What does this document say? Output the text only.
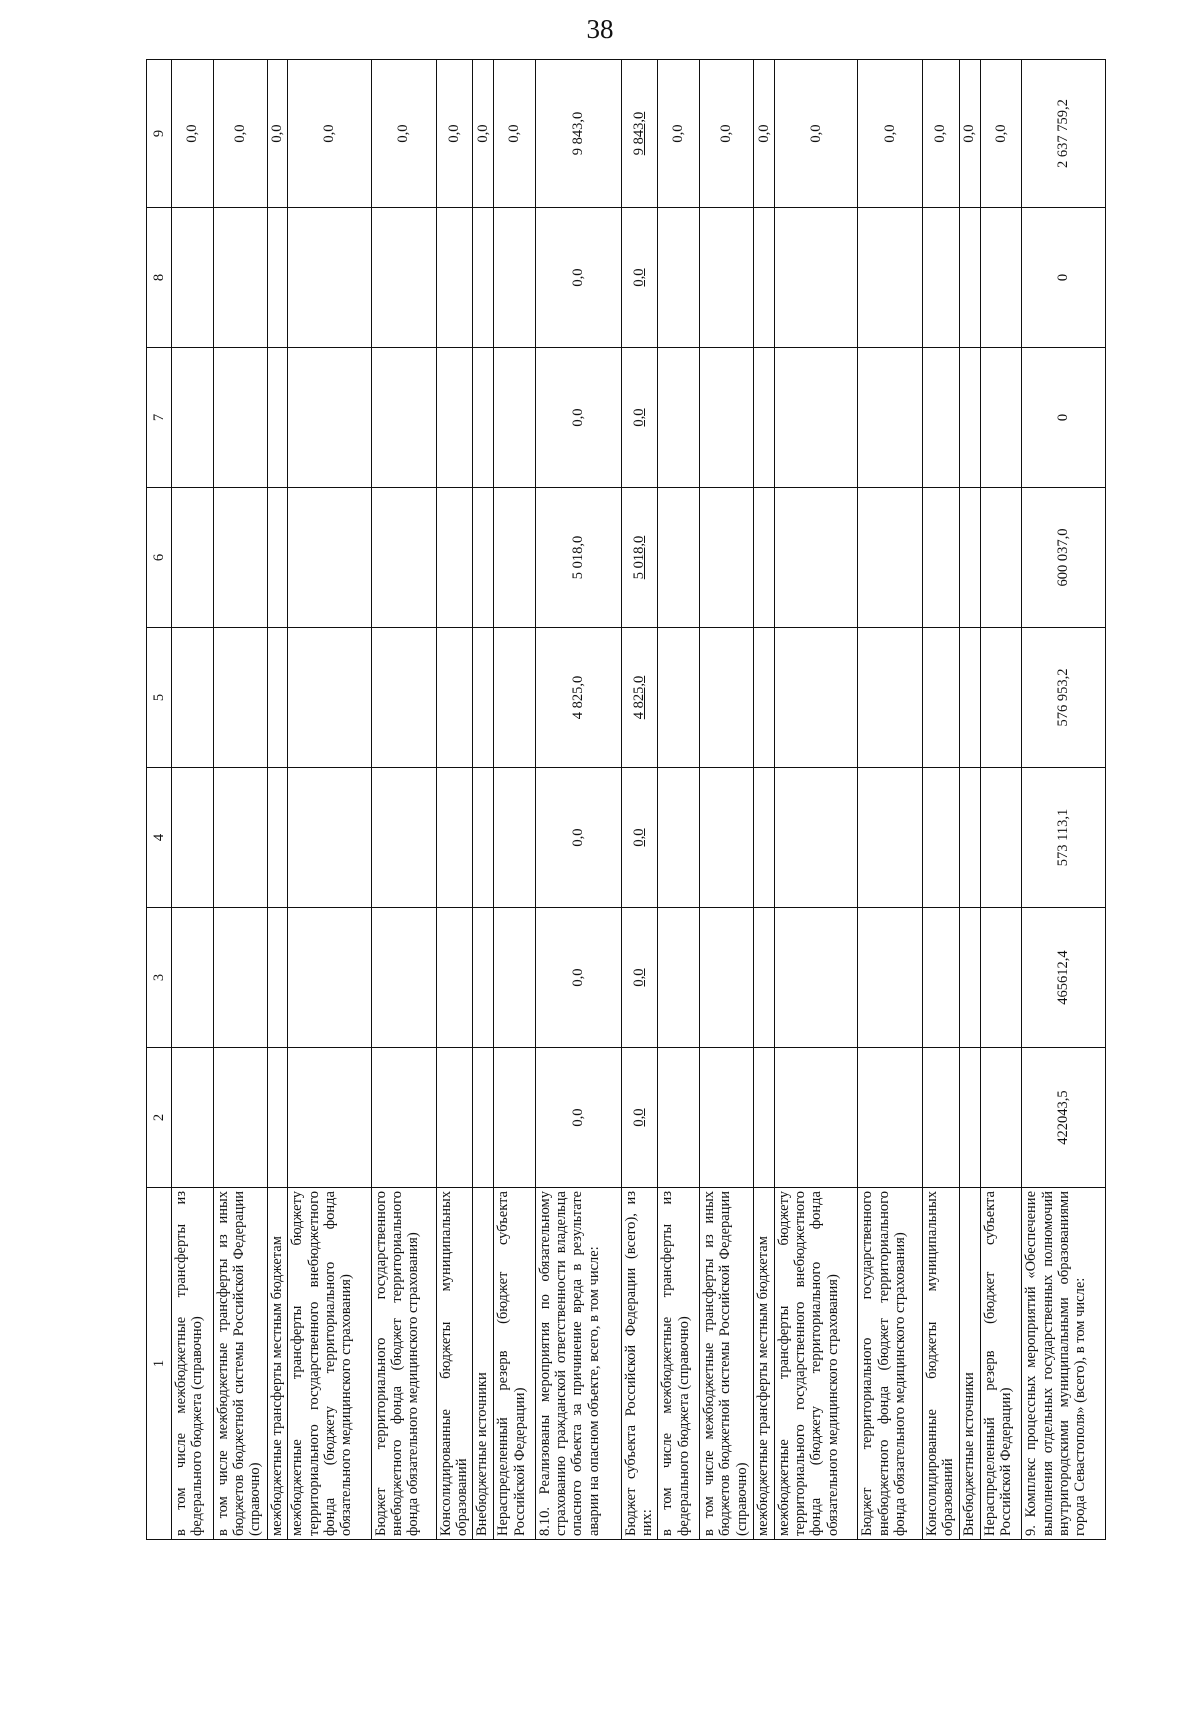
38
1	2	3	4	5	6	7	8	9
в том числе межбюджетные трансферты из федерального бюджета (справочно)								0,0
в том числе межбюджетные трансферты из иных бюджетов бюджетной системы Российской Федерации (справочно)								0,0
межбюджетные трансферты местным бюджетам								0,0
межбюджетные трансферты бюджету территориального государственного внебюджетного фонда (бюджету территориального фонда обязательного медицинского страхования)								0,0
Бюджет территориального государственного внебюджетного фонда (бюджет территориального фонда обязательного медицинского страхования)								0,0
Консолидированные бюджеты муниципальных образований								0,0
Внебюджетные источники								0,0
Нераспределенный резерв (бюджет субъекта Российской Федерации)								0,0
8.10. Реализованы мероприятия по обязательному страхованию гражданской ответственности владельца опасного объекта за причинение вреда в результате аварии на опасном объекте, всего, в том числе:	0,0	0,0	0,0	4 825,0	5 018,0	0,0	0,0	9 843,0
Бюджет субъекта Российской Федерации (всего), из них:	0,0	0,0	0,0	4 825,0	5 018,0	0,0	0,0	9 843,0
в том числе межбюджетные трансферты из федерального бюджета (справочно)								0,0
в том числе межбюджетные трансферты из иных бюджетов бюджетной системы Российской Федерации (справочно)								0,0
межбюджетные трансферты местным бюджетам								0,0
межбюджетные трансферты бюджету территориального государственного внебюджетного фонда (бюджету территориального фонда обязательного медицинского страхования)								0,0
Бюджет территориального государственного внебюджетного фонда (бюджет территориального фонда обязательного медицинского страхования)								0,0
Консолидированные бюджеты муниципальных образований								0,0
Внебюджетные источники								0,0
Нераспределенный резерв (бюджет субъекта Российской Федерации)								0,0
9. Комплекс процессных мероприятий «Обеспечение выполнения отдельных государственных полномочий внутригородскими муниципальными образованиями города Севастополя» (всего), в том числе:	422043,5	465612,4	573 113,1	576 953,2	600 037,0	0	0	2 637 759,2
